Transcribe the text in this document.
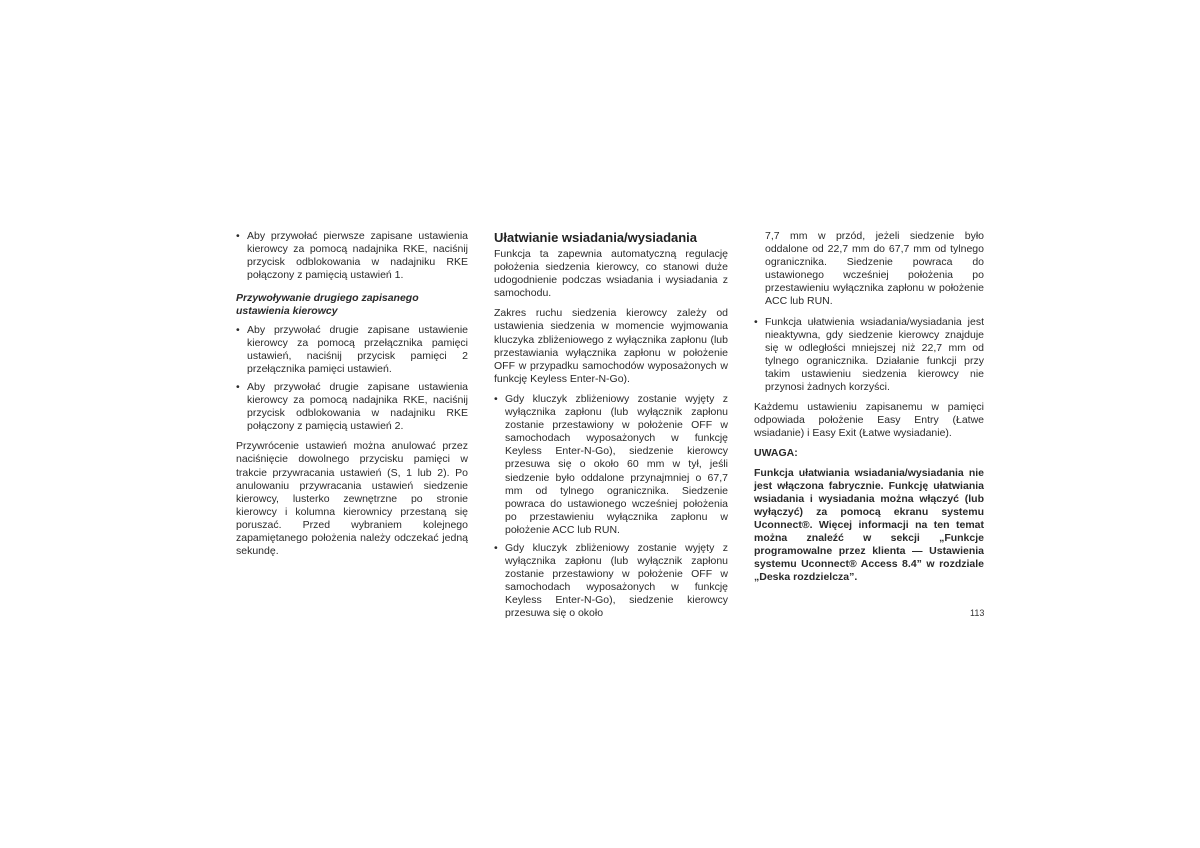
• Aby przywołać pierwsze zapisane ustawienia kierowcy za pomocą nadajnika RKE, naciśnij przycisk odblokowania w nadajniku RKE połączony z pamięcią ustawień 1.
Przywoływanie drugiego zapisanego ustawienia kierowcy
• Aby przywołać drugie zapisane ustawienie kierowcy za pomocą przełącznika pamięci ustawień, naciśnij przycisk pamięci 2 przełącznika pamięci ustawień.
• Aby przywołać drugie zapisane ustawienia kierowcy za pomocą nadajnika RKE, naciśnij przycisk odblokowania w nadajniku RKE połączony z pamięcią ustawień 2.

Przywrócenie ustawień można anulować przez naciśnięcie dowolnego przycisku pamięci w trakcie przywracania ustawień (S, 1 lub 2). Po anulowaniu przywracania ustawień siedzenie kierowcy, lusterko zewnętrzne po stronie kierowcy i kolumna kierownicy przestaną się poruszać. Przed wybraniem kolejnego zapamiętanego położenia należy odczekać jedną sekundę.

Ułatwianie wsiadania/wysiadania

Funkcja ta zapewnia automatyczną regulację położenia siedzenia kierowcy, co stanowi duże udogodnienie podczas wsiadania i wysiadania z samochodu.

Zakres ruchu siedzenia kierowcy zależy od ustawienia siedzenia w momencie wyjmowania kluczyka zbliżeniowego z wyłącznika zapłonu (lub przestawiania wyłącznika zapłonu w położenie OFF w przypadku samochodów wyposażonych w funkcję Keyless Enter-N-Go).

• Gdy kluczyk zbliżeniowy zostanie wyjęty z wyłącznika zapłonu (lub wyłącznik zapłonu zostanie przestawiony w położenie OFF w samochodach wyposażonych w funkcję Keyless Enter-N-Go), siedzenie kierowcy przesuwa się o około 60 mm w tył, jeśli siedzenie było oddalone przynajmniej o 67,7 mm od tylnego ogranicznika. Siedzenie powraca do ustawionego wcześniej położenia po przestawieniu wyłącznika zapłonu w położenie ACC lub RUN.
• Gdy kluczyk zbliżeniowy zostanie wyjęty z wyłącznika zapłonu (lub wyłącznik zapłonu zostanie przestawiony w położenie OFF w samochodach wyposażonych w funkcję Keyless Enter-N-Go), siedzenie kierowcy przesuwa się o około

7,7 mm w przód, jeżeli siedzenie było oddalone od 22,7 mm do 67,7 mm od tylnego ogranicznika. Siedzenie powraca do ustawionego wcześniej położenia po przestawieniu wyłącznika zapłonu w położenie ACC lub RUN.

• Funkcja ułatwienia wsiadania/wysiadania jest nieaktywna, gdy siedzenie kierowcy znajduje się w odległości mniejszej niż 22,7 mm od tylnego ogranicznika. Działanie funkcji przy takim ustawieniu siedzenia kierowcy nie przynosi żadnych korzyści.

Każdemu ustawieniu zapisanemu w pamięci odpowiada położenie Easy Entry (Łatwe wsiadanie) i Easy Exit (Łatwe wysiadanie).

UWAGA:

Funkcja ułatwiania wsiadania/wysiadania nie jest włączona fabrycznie. Funkcję ułatwiania wsiadania i wysiadania można włączyć (lub wyłączyć) za pomocą ekranu systemu Uconnect®. Więcej informacji na ten temat można znaleźć w sekcji „Funkcje programowalne przez klienta — Ustawienia systemu Uconnect® Access 8.4” w rozdziale „Deska rozdzielcza”.

113
